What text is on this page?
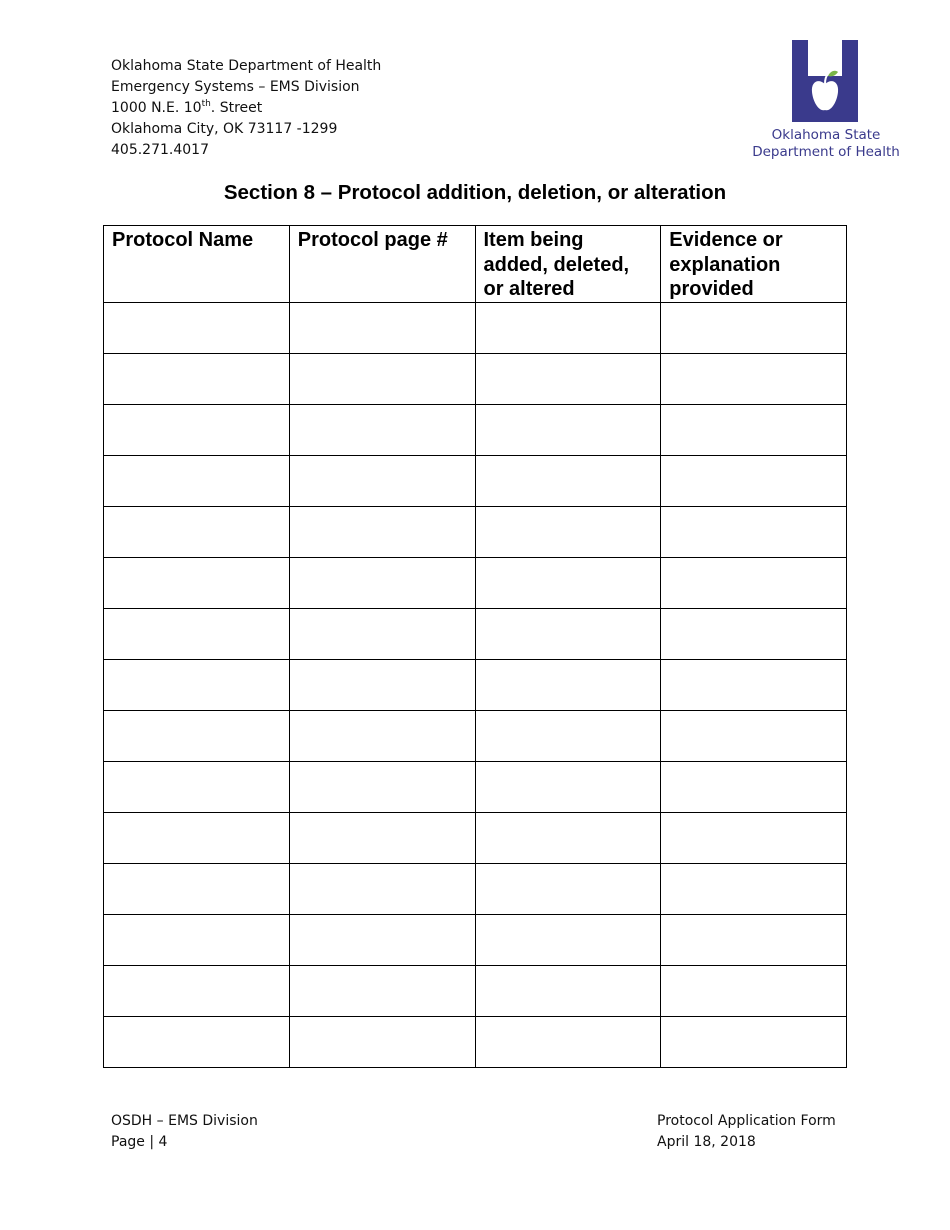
Oklahoma State Department of Health
Emergency Systems – EMS Division
1000 N.E. 10th. Street
Oklahoma City, OK 73117 -1299
405.271.4017
Oklahoma State
Department of Health
Section 8 – Protocol addition, deletion, or alteration
Protocol Name	Protocol page #	Item being added, deleted, or altered	Evidence or explanation provided

OSDH – EMS Division
Page | 4
Protocol Application Form
April 18, 2018
